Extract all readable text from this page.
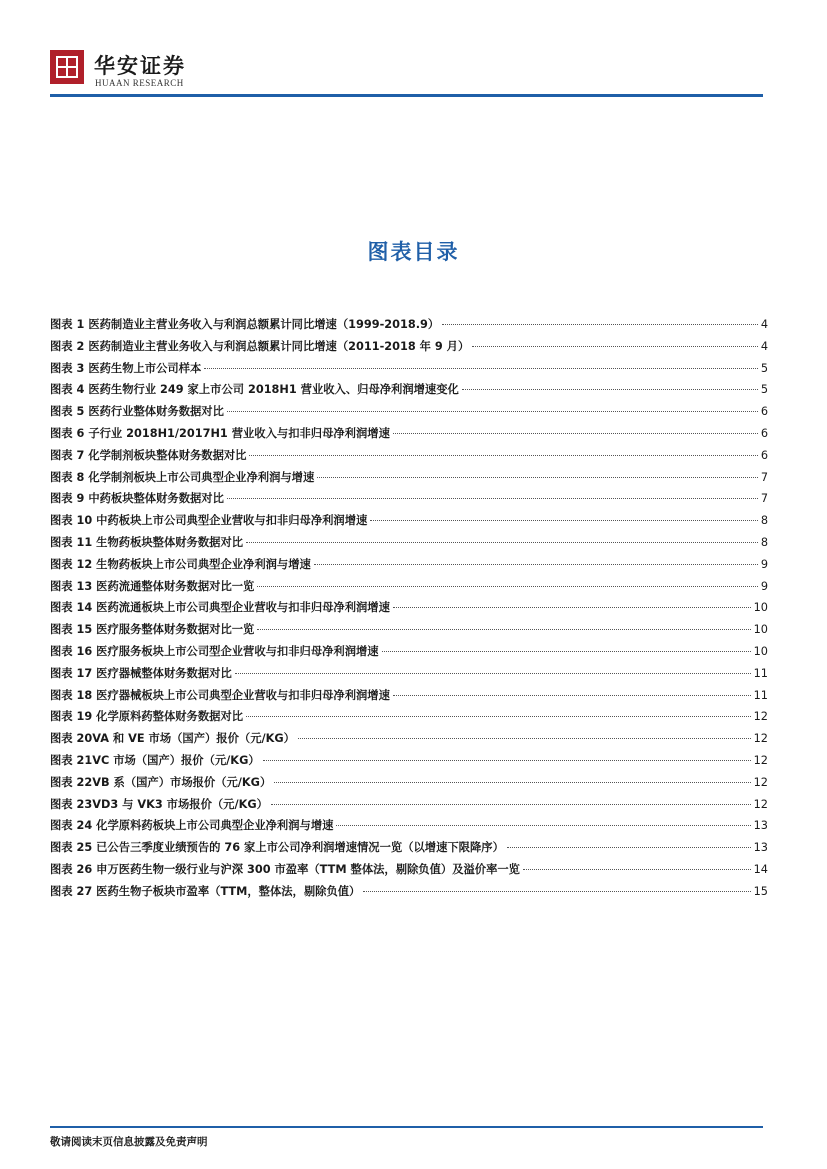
华安证券
HUAAN RESEARCH
图表目录
图表 1 医药制造业主营业务收入与利润总额累计同比增速（1999-2018.9）	4
图表 2 医药制造业主营业务收入与利润总额累计同比增速（2011-2018 年 9 月）	4
图表 3 医药生物上市公司样本	5
图表 4 医药生物行业 249 家上市公司 2018H1 营业收入、归母净利润增速变化	5
图表 5 医药行业整体财务数据对比	6
图表 6 子行业 2018H1/2017H1 营业收入与扣非归母净利润增速	6
图表 7 化学制剂板块整体财务数据对比	6
图表 8 化学制剂板块上市公司典型企业净利润与增速	7
图表 9 中药板块整体财务数据对比	7
图表 10 中药板块上市公司典型企业营收与扣非归母净利润增速	8
图表 11 生物药板块整体财务数据对比	8
图表 12 生物药板块上市公司典型企业净利润与增速	9
图表 13 医药流通整体财务数据对比一览	9
图表 14 医药流通板块上市公司典型企业营收与扣非归母净利润增速	10
图表 15 医疗服务整体财务数据对比一览	10
图表 16 医疗服务板块上市公司型企业营收与扣非归母净利润增速	10
图表 17 医疗器械整体财务数据对比	11
图表 18 医疗器械板块上市公司典型企业营收与扣非归母净利润增速	11
图表 19 化学原料药整体财务数据对比	12
图表 20VA 和 VE 市场（国产）报价（元/KG）	12
图表 21VC 市场（国产）报价（元/KG）	12
图表 22VB 系（国产）市场报价（元/KG）	12
图表 23VD3 与 VK3 市场报价（元/KG）	12
图表 24 化学原料药板块上市公司典型企业净利润与增速	13
图表 25 已公告三季度业绩预告的 76 家上市公司净利润增速情况一览（以增速下限降序）	13
图表 26 申万医药生物一级行业与沪深 300 市盈率（TTM 整体法，剔除负值）及溢价率一览	14
图表 27 医药生物子板块市盈率（TTM，整体法，剔除负值）	15
敬请阅读末页信息披露及免责声明
